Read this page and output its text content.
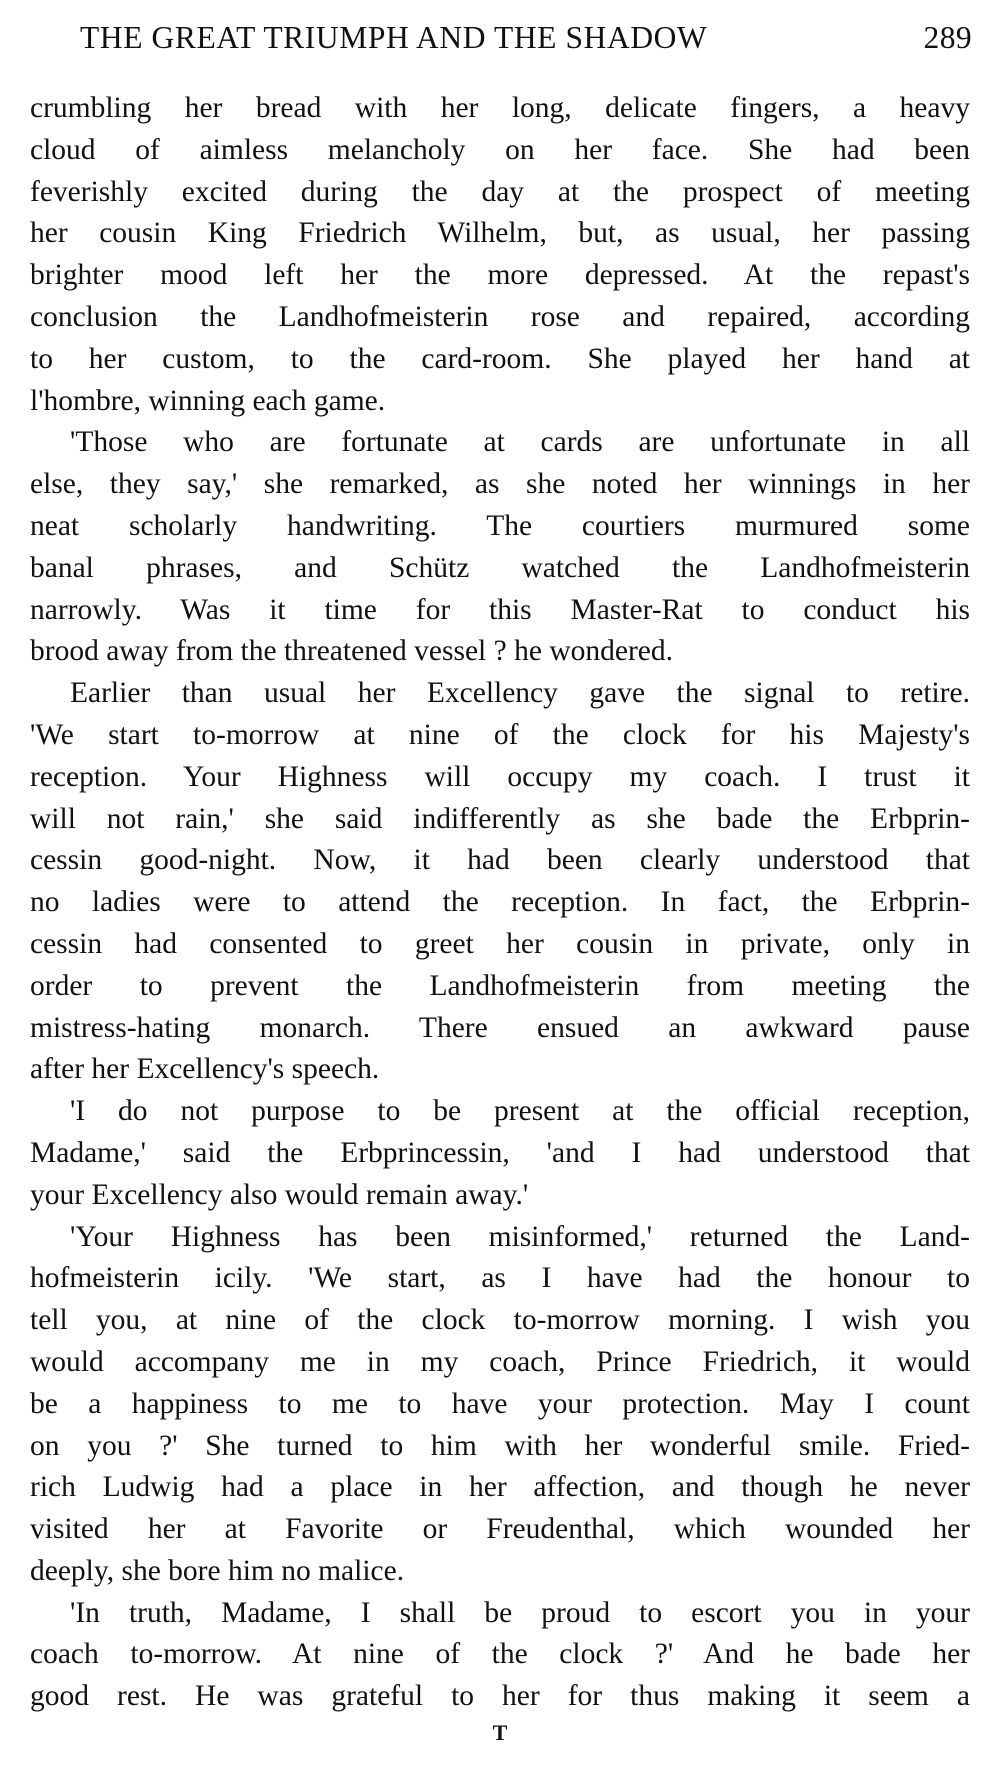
THE GREAT TRIUMPH AND THE SHADOW	289
crumbling her bread with her long, delicate fingers, a heavy
cloud of aimless melancholy on her face. She had been
feverishly excited during the day at the prospect of meeting
her cousin King Friedrich Wilhelm, but, as usual, her passing
brighter mood left her the more depressed. At the repast's
conclusion the Landhofmeisterin rose and repaired, according
to her custom, to the card-room. She played her hand at
l'hombre, winning each game.
'Those who are fortunate at cards are unfortunate in all
else, they say,' she remarked, as she noted her winnings in her
neat scholarly handwriting. The courtiers murmured some
banal phrases, and Schütz watched the Landhofmeisterin
narrowly. Was it time for this Master-Rat to conduct his
brood away from the threatened vessel ? he wondered.
Earlier than usual her Excellency gave the signal to retire.
'We start to-morrow at nine of the clock for his Majesty's
reception. Your Highness will occupy my coach. I trust it
will not rain,' she said indifferently as she bade the Erbprin-
cessin good-night. Now, it had been clearly understood that
no ladies were to attend the reception. In fact, the Erbprin-
cessin had consented to greet her cousin in private, only in
order to prevent the Landhofmeisterin from meeting the
mistress-hating monarch. There ensued an awkward pause
after her Excellency's speech.
'I do not purpose to be present at the official reception,
Madame,' said the Erbprincessin, 'and I had understood that
your Excellency also would remain away.'
'Your Highness has been misinformed,' returned the Land-
hofmeisterin icily. 'We start, as I have had the honour to
tell you, at nine of the clock to-morrow morning. I wish you
would accompany me in my coach, Prince Friedrich, it would
be a happiness to me to have your protection. May I count
on you ?' She turned to him with her wonderful smile. Fried-
rich Ludwig had a place in her affection, and though he never
visited her at Favorite or Freudenthal, which wounded her
deeply, she bore him no malice.
'In truth, Madame, I shall be proud to escort you in your
coach to-morrow. At nine of the clock ?' And he bade her
good rest. He was grateful to her for thus making it seem a
T
